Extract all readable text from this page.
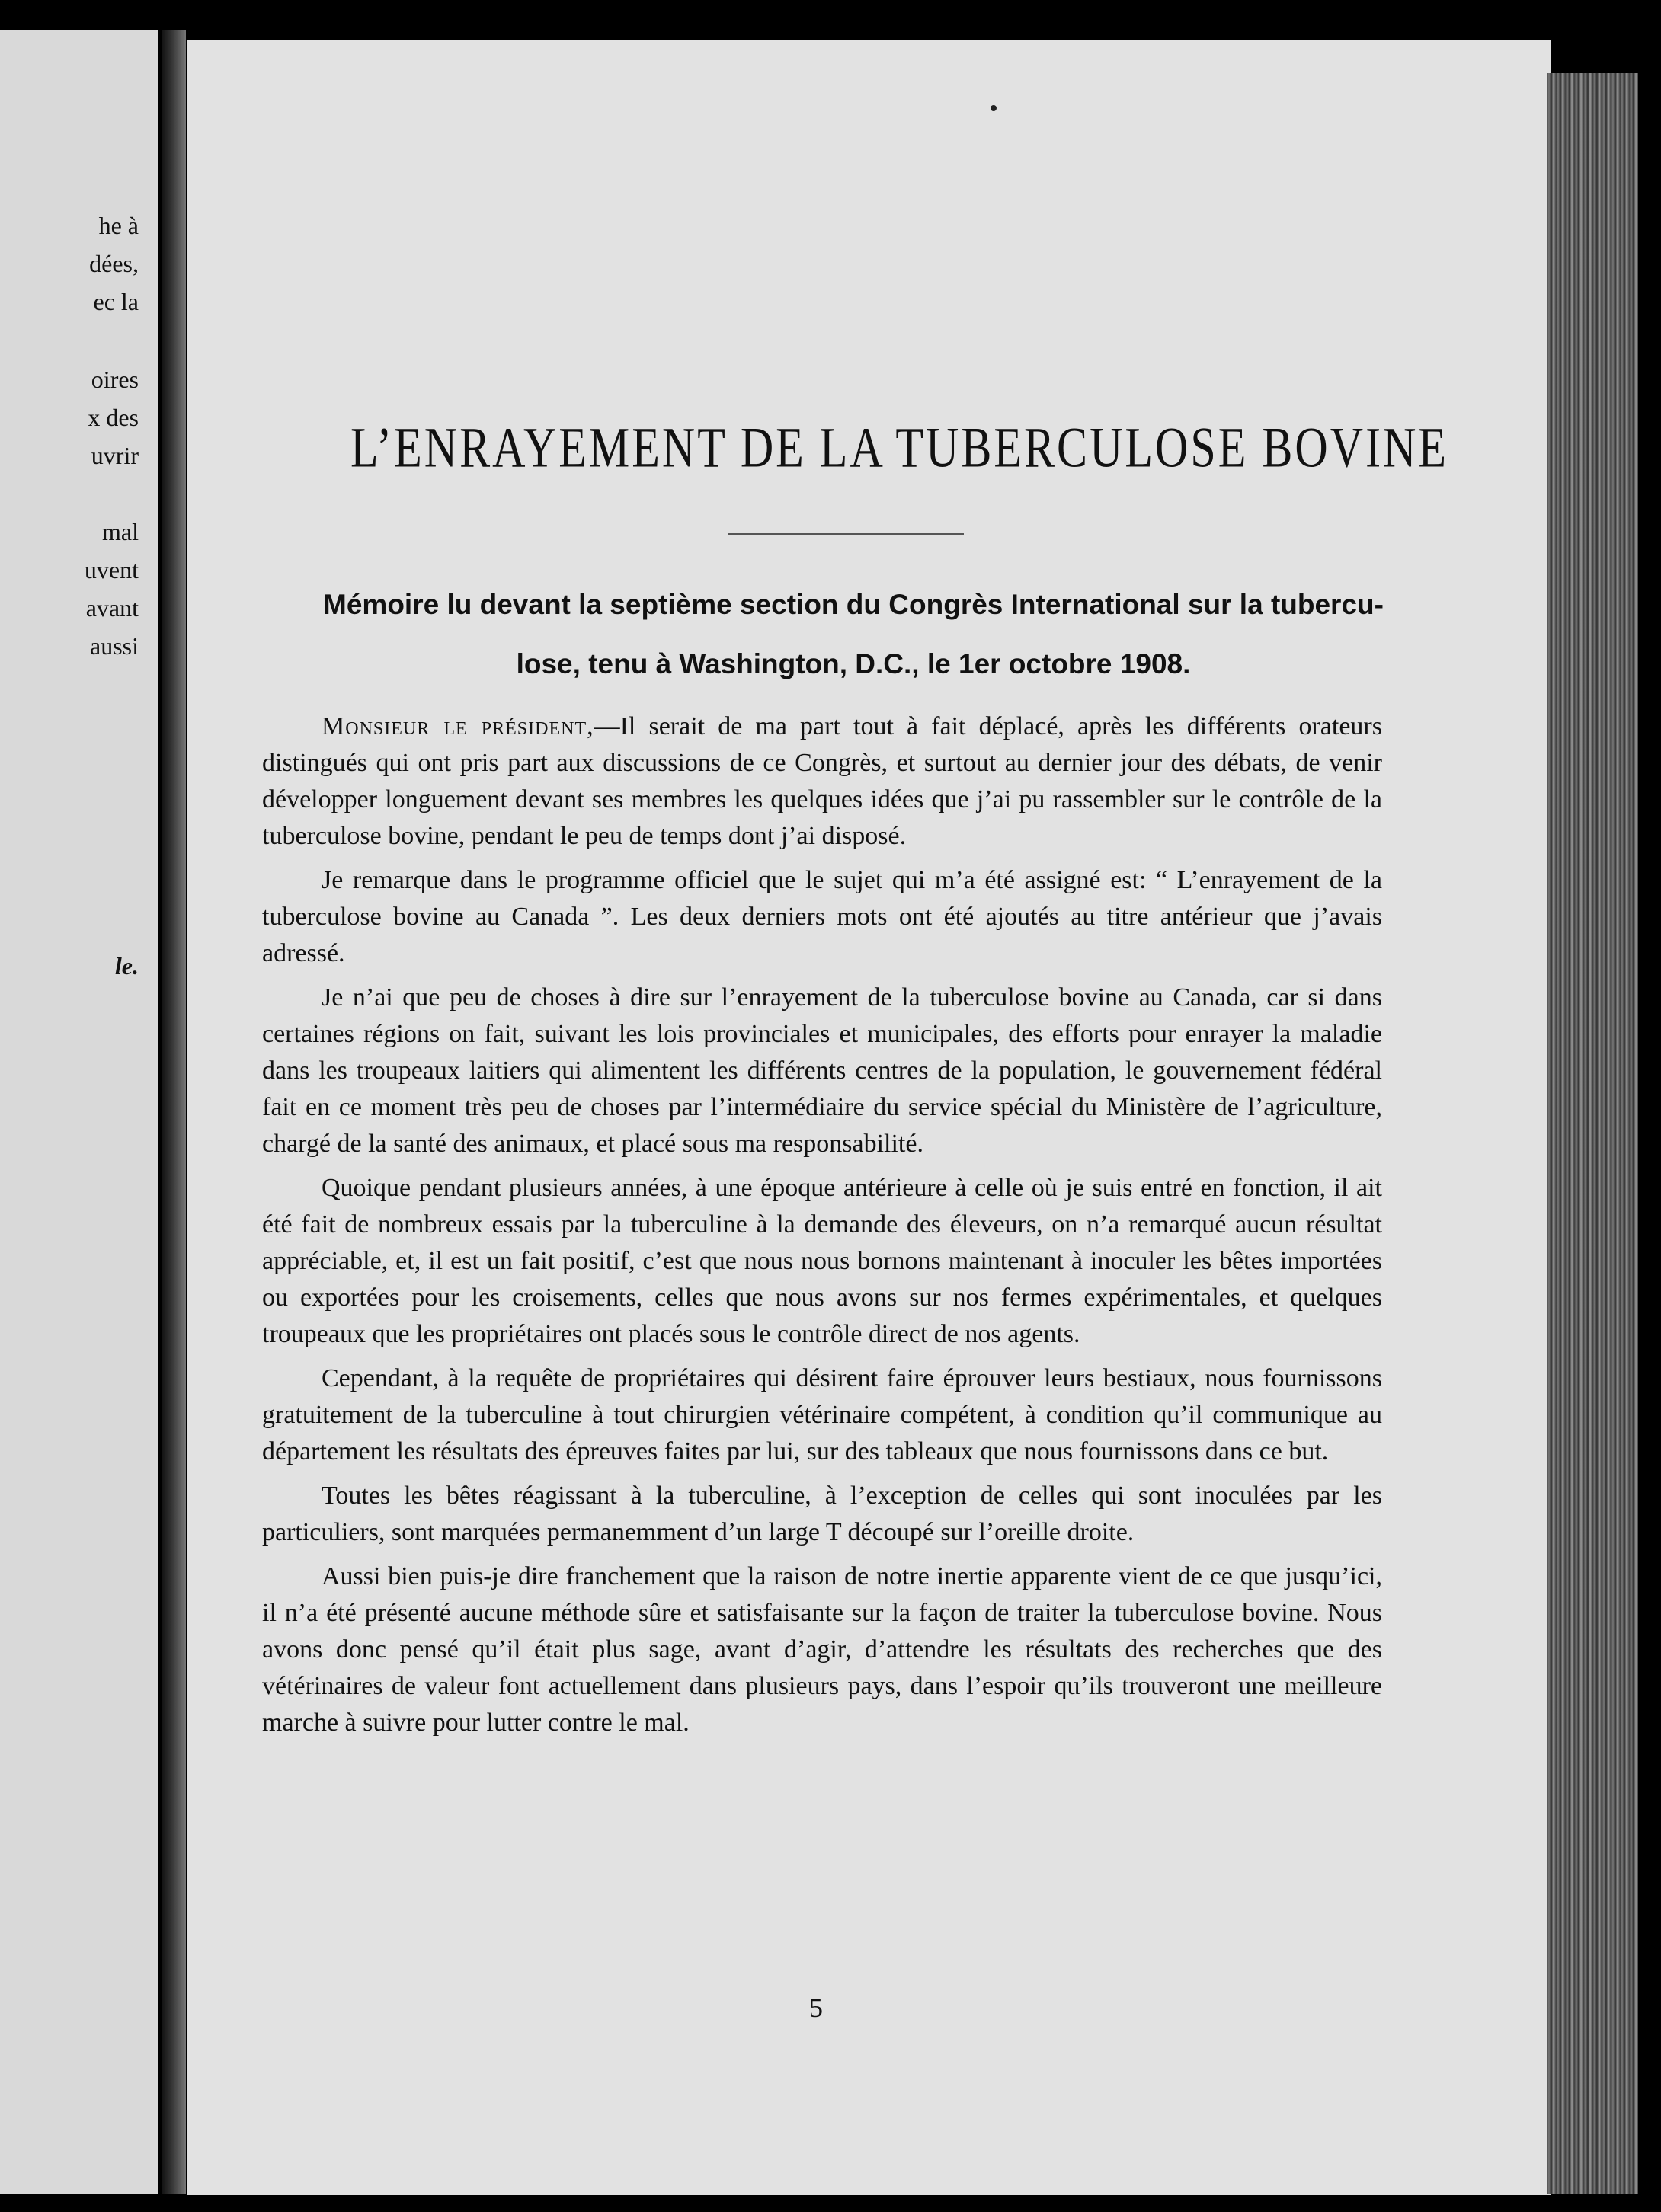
he à
dées,
ec la
oires
x des
uvrir
mal
uvent
avant
aussi
le.
L’ENRAYEMENT DE LA TUBERCULOSE BOVINE
Mémoire lu devant la septième section du Congrès International sur la tubercu-
lose, tenu à Washington, D.C., le 1er octobre 1908.

Monsieur le président,—Il serait de ma part tout à fait déplacé, après les différents orateurs distingués qui ont pris part aux discussions de ce Congrès, et surtout au dernier jour des débats, de venir développer longuement devant ses membres les quelques idées que j’ai pu rassembler sur le contrôle de la tuberculose bovine, pendant le peu de temps dont j’ai disposé.

Je remarque dans le programme officiel que le sujet qui m’a été assigné est: “ L’enrayement de la tuberculose bovine au Canada ”. Les deux derniers mots ont été ajoutés au titre antérieur que j’avais adressé.

Je n’ai que peu de choses à dire sur l’enrayement de la tuberculose bovine au Canada, car si dans certaines régions on fait, suivant les lois provinciales et municipales, des efforts pour enrayer la maladie dans les troupeaux laitiers qui alimentent les différents centres de la population, le gouvernement fédéral fait en ce moment très peu de choses par l’intermédiaire du service spécial du Ministère de l’agriculture, chargé de la santé des animaux, et placé sous ma responsabilité.

Quoique pendant plusieurs années, à une époque antérieure à celle où je suis entré en fonction, il ait été fait de nombreux essais par la tuberculine à la demande des éleveurs, on n’a remarqué aucun résultat appréciable, et, il est un fait positif, c’est que nous nous bornons maintenant à inoculer les bêtes importées ou exportées pour les croisements, celles que nous avons sur nos fermes expérimentales, et quelques troupeaux que les propriétaires ont placés sous le contrôle direct de nos agents.

Cependant, à la requête de propriétaires qui désirent faire éprouver leurs bestiaux, nous fournissons gratuitement de la tuberculine à tout chirurgien vétérinaire compétent, à condition qu’il communique au département les résultats des épreuves faites par lui, sur des tableaux que nous fournissons dans ce but.

Toutes les bêtes réagissant à la tuberculine, à l’exception de celles qui sont inoculées par les particuliers, sont marquées permanemment d’un large T découpé sur l’oreille droite.

Aussi bien puis-je dire franchement que la raison de notre inertie apparente vient de ce que jusqu’ici, il n’a été présenté aucune méthode sûre et satisfaisante sur la façon de traiter la tuberculose bovine. Nous avons donc pensé qu’il était plus sage, avant d’agir, d’attendre les résultats des recherches que des vétérinaires de valeur font actuellement dans plusieurs pays, dans l’espoir qu’ils trouveront une meilleure marche à suivre pour lutter contre le mal.

5
